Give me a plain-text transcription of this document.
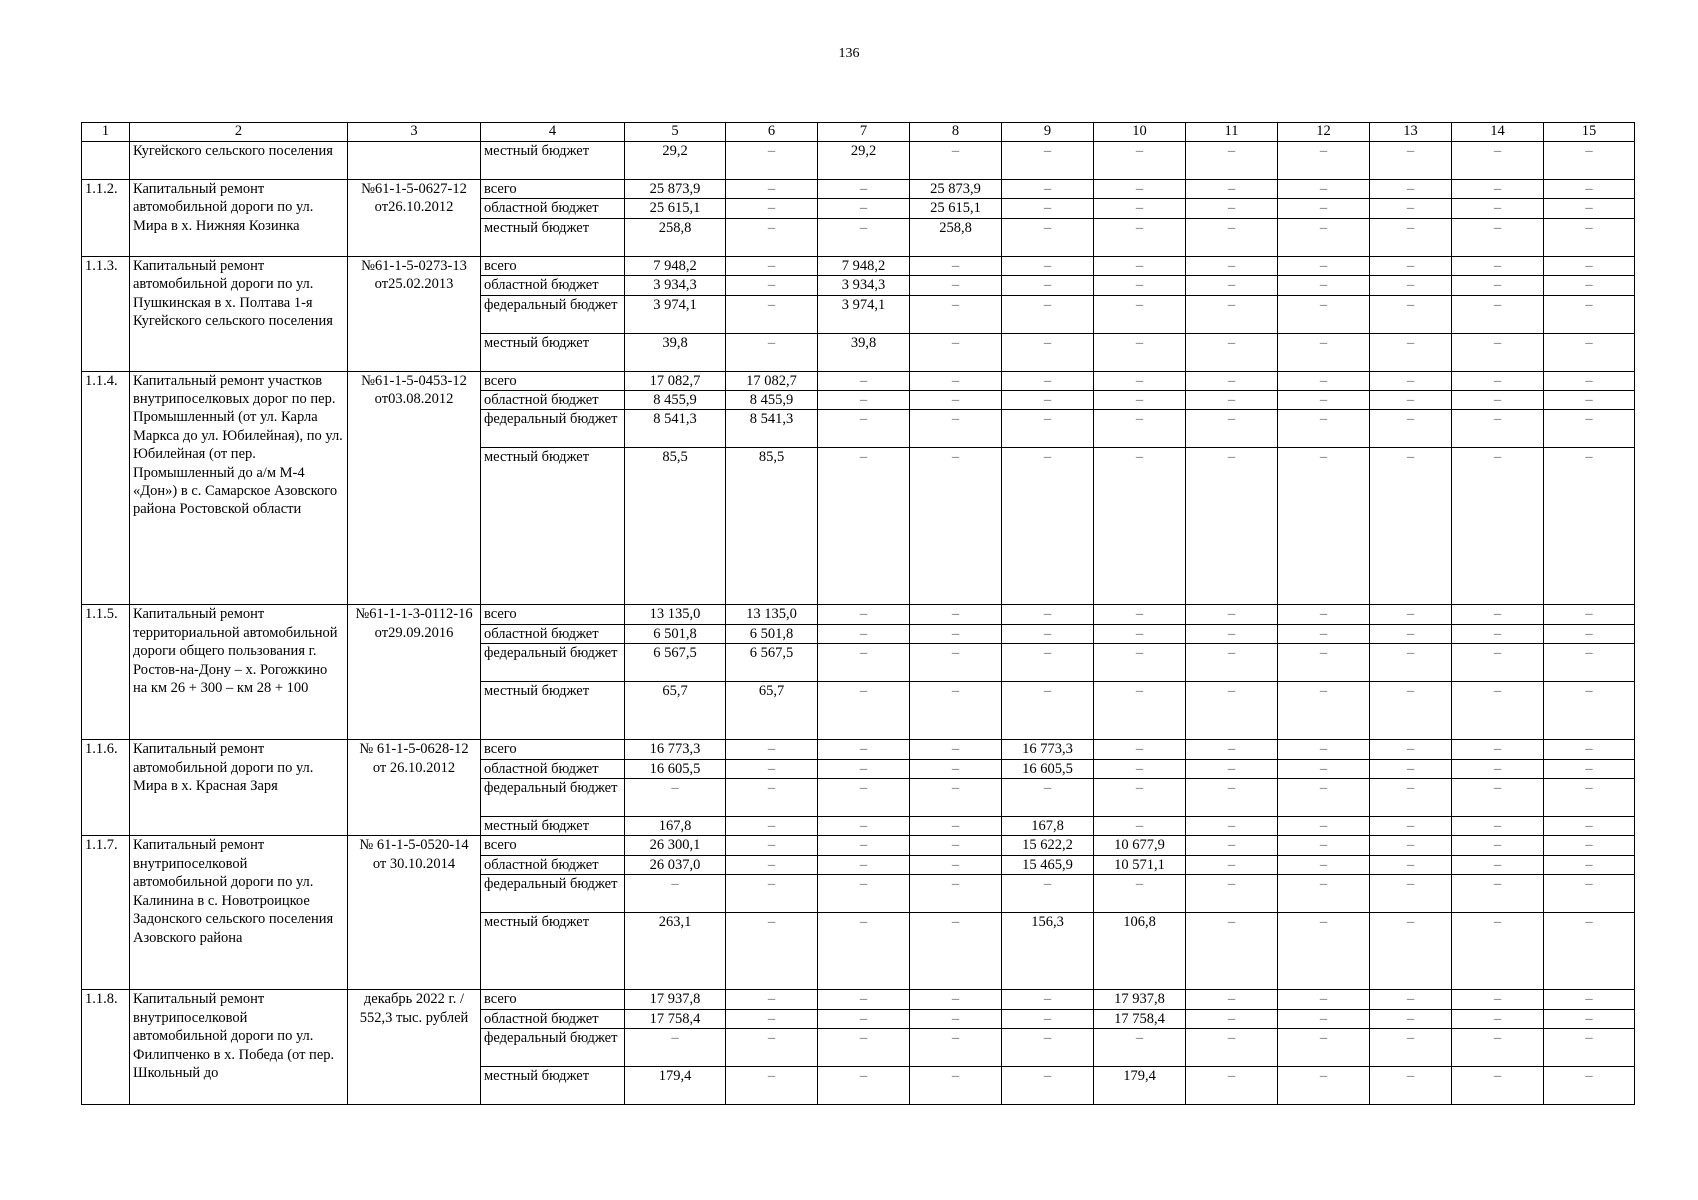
136
1	2	3	4	5	6	7	8	9	10	11	12	13	14	15
	Кугейского сельского поселения		местный бюджет	29,2	–	29,2	–	–	–	–	–	–	–	–
1.1.2.	Капитальный ремонт автомобильной дороги по ул. Мира в х. Нижняя Козинка	№61-1-5-0627-12 от26.10.2012	всего	25 873,9	–	–	25 873,9	–	–	–	–	–	–	–
			областной бюджет	25 615,1	–	–	25 615,1	–	–	–	–	–	–	–
			местный бюджет	258,8	–	–	258,8	–	–	–	–	–	–	–
1.1.3.	Капитальный ремонт автомобильной дороги по ул. Пушкинская в х. Полтава 1-я Кугейского сельского поселения	№61-1-5-0273-13 от25.02.2013	всего	7 948,2	–	7 948,2	–	–	–	–	–	–	–	–
			областной бюджет	3 934,3	–	3 934,3	–	–	–	–	–	–	–	–
			федеральный бюджет	3 974,1	–	3 974,1	–	–	–	–	–	–	–	–
			местный бюджет	39,8	–	39,8	–	–	–	–	–	–	–	–
1.1.4.	Капитальный ремонт участков внутрипоселковых дорог по пер. Промышленный (от ул. Карла Маркса до ул. Юбилейная), по ул. Юбилейная (от пер. Промышленный до а/м М-4 «Дон») в с. Самарское Азовского района Ростовской области	№61-1-5-0453-12 от03.08.2012	всего	17 082,7	17 082,7	–	–	–	–	–	–	–	–	–
			областной бюджет	8 455,9	8 455,9	–	–	–	–	–	–	–	–	–
			федеральный бюджет	8 541,3	8 541,3	–	–	–	–	–	–	–	–	–
			местный бюджет	85,5	85,5	–	–	–	–	–	–	–	–	–
1.1.5.	Капитальный ремонт территориальной автомобильной дороги общего пользования г. Ростов-на-Дону – х. Рогожкино на км 26 + 300 – км 28 + 100	№61-1-1-3-0112-16 от29.09.2016	всего	13 135,0	13 135,0	–	–	–	–	–	–	–	–	–
			областной бюджет	6 501,8	6 501,8	–	–	–	–	–	–	–	–	–
			федеральный бюджет	6 567,5	6 567,5	–	–	–	–	–	–	–	–	–
			местный бюджет	65,7	65,7	–	–	–	–	–	–	–	–	–
1.1.6.	Капитальный ремонт автомобильной дороги по ул. Мира в х. Красная Заря	№ 61-1-5-0628-12 от 26.10.2012	всего	16 773,3	–	–	–	16 773,3	–	–	–	–	–	–
			областной бюджет	16 605,5	–	–	–	16 605,5	–	–	–	–	–	–
			федеральный бюджет	–	–	–	–	–	–	–	–	–	–	–
			местный бюджет	167,8	–	–	–	167,8	–	–	–	–	–	–
1.1.7.	Капитальный ремонт внутрипоселковой автомобильной дороги по ул. Калинина в с. Новотроицкое Задонского сельского поселения Азовского района	№ 61-1-5-0520-14 от 30.10.2014	всего	26 300,1	–	–	–	15 622,2	10 677,9	–	–	–	–	–
			областной бюджет	26 037,0	–	–	–	15 465,9	10 571,1	–	–	–	–	–
			федеральный бюджет	–	–	–	–	–	–	–	–	–	–	–
			местный бюджет	263,1	–	–	–	156,3	106,8	–	–	–	–	–
1.1.8.	Капитальный ремонт внутрипоселковой автомобильной дороги по ул. Филипченко в х. Победа (от пер. Школьный до	декабрь 2022 г. / 552,3 тыс. рублей	всего	17 937,8	–	–	–	–	17 937,8	–	–	–	–	–
			областной бюджет	17 758,4	–	–	–	–	17 758,4	–	–	–	–	–
			федеральный бюджет	–	–	–	–	–	–	–	–	–	–	–
			местный бюджет	179,4	–	–	–	–	179,4	–	–	–	–	–
